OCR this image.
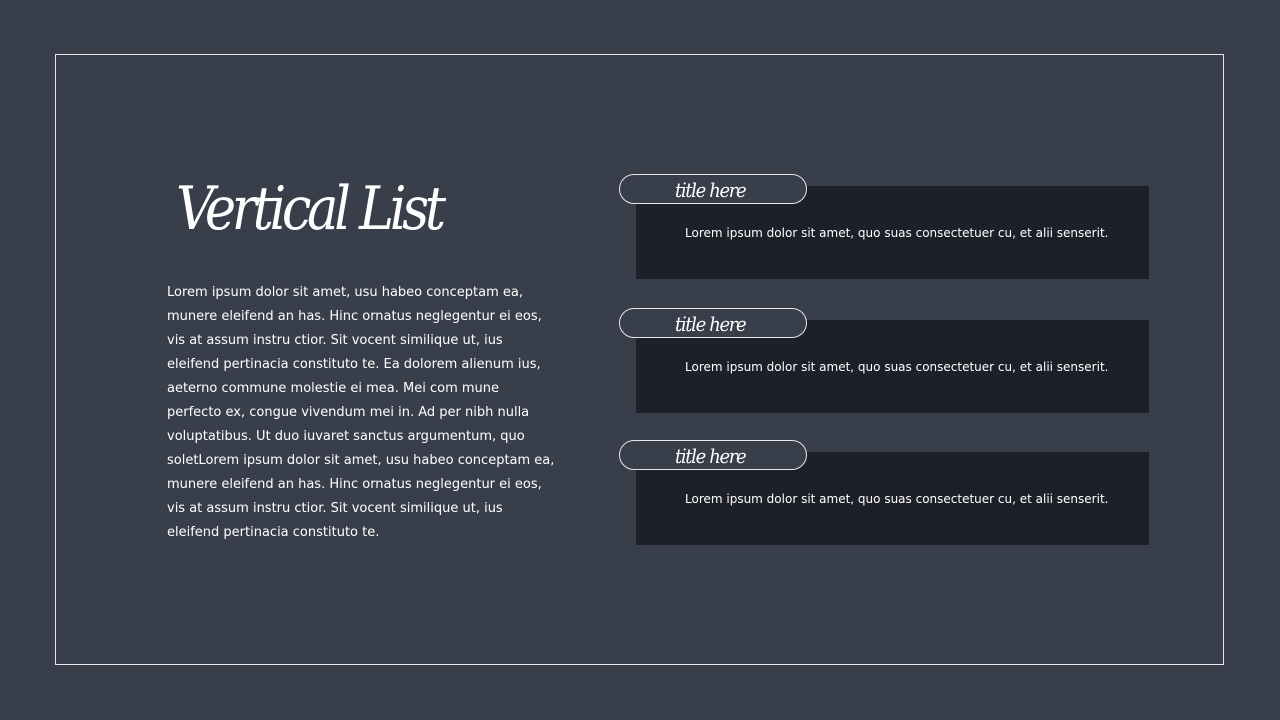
Vertical List

Lorem ipsum dolor sit amet, usu habeo conceptam ea, munere eleifend an has. Hinc ornatus neglegentur ei eos, vis at assum instru ctior. Sit vocent similique ut, ius eleifend pertinacia constituto te. Ea dolorem alienum ius, aeterno commune molestie ei mea. Mei com mune perfecto ex, congue vivendum mei in. Ad per nibh nulla voluptatibus. Ut duo iuvaret sanctus argumentum, quo soletLorem ipsum dolor sit amet, usu habeo conceptam ea, munere eleifend an has. Hinc ornatus neglegentur ei eos, vis at assum instru ctior. Sit vocent similique ut, ius eleifend pertinacia constituto te.

Lorem ipsum dolor sit amet, quo suas consectetuer cu, et alii senserit.

title here

Lorem ipsum dolor sit amet, quo suas consectetuer cu, et alii senserit.

title here

Lorem ipsum dolor sit amet, quo suas consectetuer cu, et alii senserit.

title here
